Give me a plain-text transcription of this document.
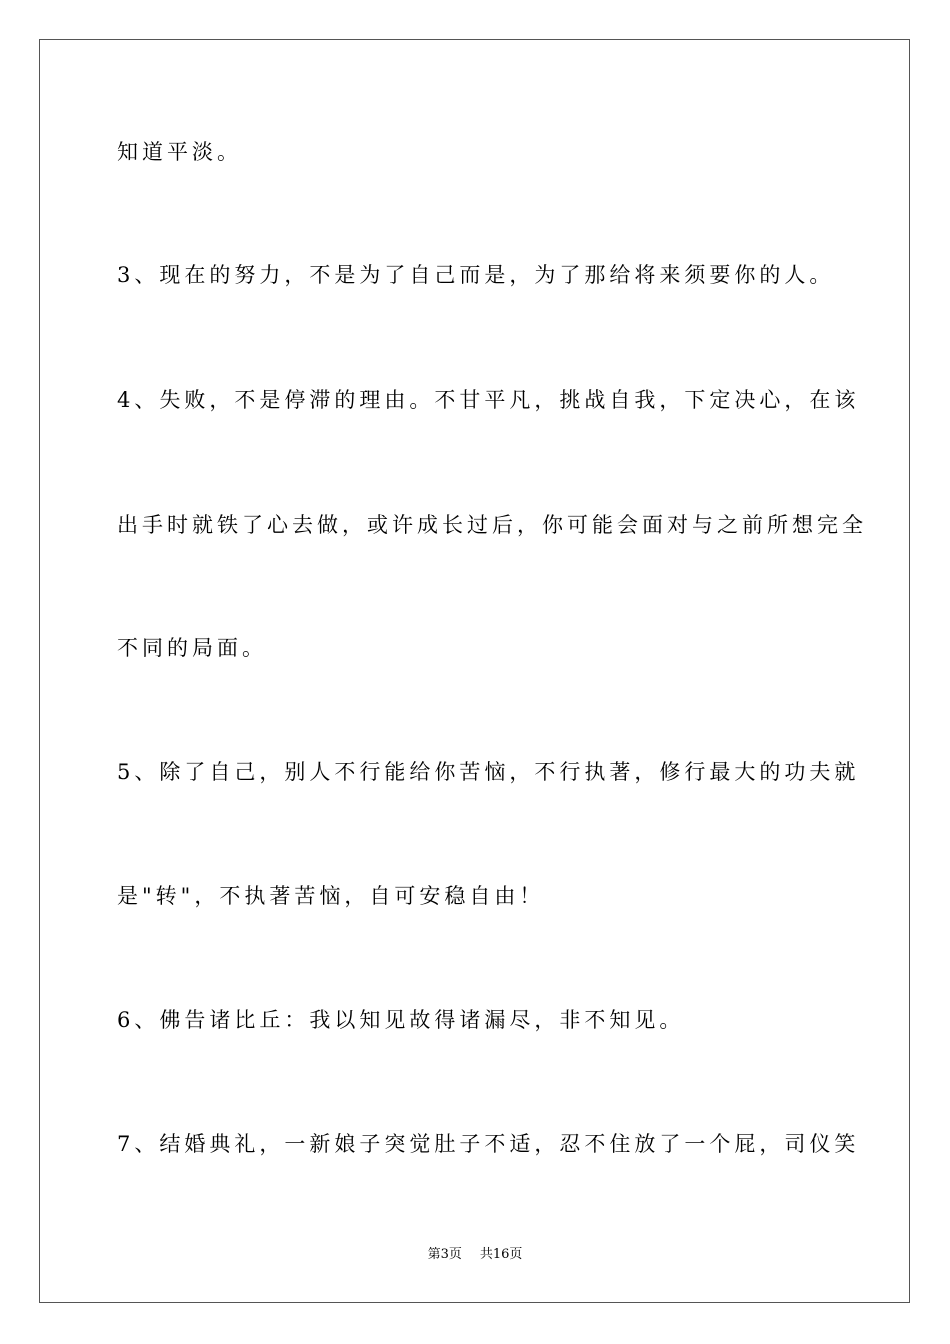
知道平淡。
3、现在的努力，不是为了自己而是，为了那给将来须要你的人。
4、失败，不是停滞的理由。不甘平凡，挑战自我，下定决心，在该
出手时就铁了心去做，或许成长过后，你可能会面对与之前所想完全
不同的局面。
5、除了自己，别人不行能给你苦恼，不行执著，修行最大的功夫就
是"转"，不执著苦恼，自可安稳自由！
6、佛告诸比丘：我以知见故得诸漏尽，非不知见。
7、结婚典礼，一新娘子突觉肚子不适，忍不住放了一个屁，司仪笑
第3页 共16页
